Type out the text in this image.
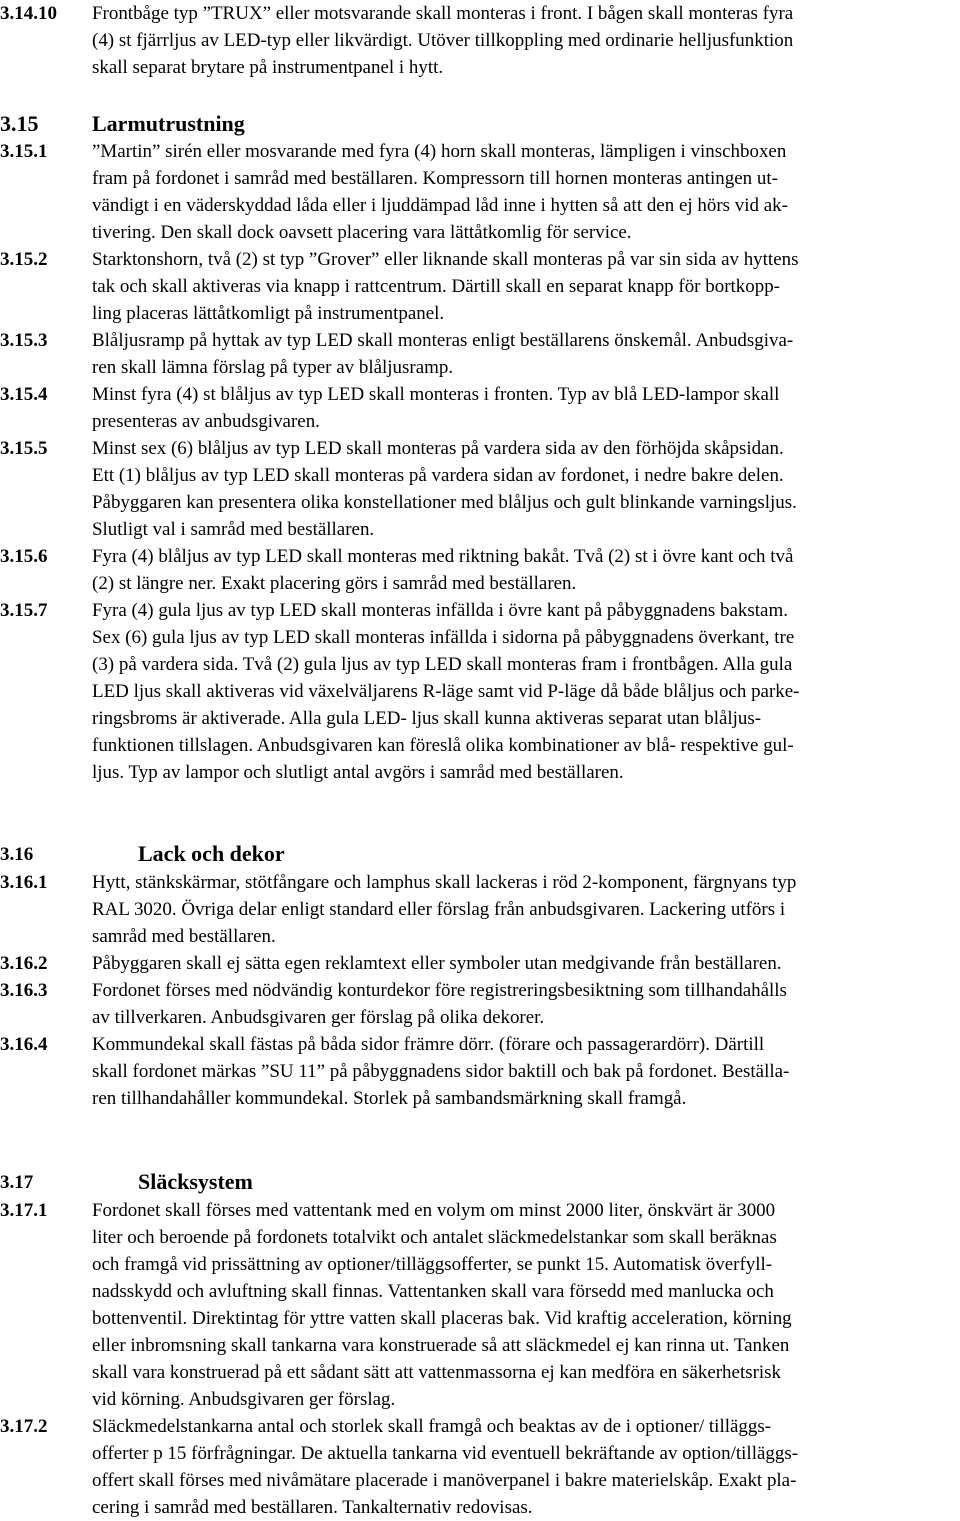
3.14.10	Frontbåge typ ”TRUX” eller motsvarande skall monteras i front. I bågen skall monteras fyra
(4) st fjärrljus av LED-typ eller likvärdigt. Utöver tillkoppling med ordinarie helljusfunktion
skall separat brytare på instrumentpanel i hytt.
3.15	Larmutrustning
3.15.1	”Martin” sirén eller mosvarande med fyra (4) horn skall monteras, lämpligen i vinschboxen
fram på fordonet i samråd med beställaren. Kompressorn till hornen monteras antingen ut-
vändigt i en väderskyddad låda eller i ljuddämpad låd inne i hytten så att den ej hörs vid ak-
tivering. Den skall dock oavsett placering vara lättåtkomlig för service.
3.15.2	Starktonshorn, två (2) st typ ”Grover” eller liknande skall monteras på var sin sida av hyttens
tak och skall aktiveras via knapp i rattcentrum. Därtill skall en separat knapp för bortkopp-
ling placeras lättåtkomligt på instrumentpanel.
3.15.3	Blåljusramp på hyttak av typ LED skall monteras enligt beställarens önskemål. Anbudsgiva-
ren skall lämna förslag på typer av blåljusramp.
3.15.4	Minst fyra (4) st blåljus av typ LED skall monteras i fronten. Typ av blå LED-lampor skall
presenteras av anbudsgivaren.
3.15.5	Minst sex (6) blåljus av typ LED skall monteras på vardera sida av den förhöjda skåpsidan.
Ett (1) blåljus av typ LED skall monteras på vardera sidan av fordonet, i nedre bakre delen.
Påbyggaren kan presentera olika konstellationer med blåljus och gult blinkande varningsljus.
Slutligt val i samråd med beställaren.
3.15.6	Fyra (4) blåljus av typ LED skall monteras med riktning bakåt. Två (2) st i övre kant och två
(2) st längre ner. Exakt placering görs i samråd med beställaren.
3.15.7	Fyra (4) gula ljus av typ LED skall monteras infällda i övre kant på påbyggnadens bakstam.
Sex (6) gula ljus av typ LED skall monteras infällda i sidorna på påbyggnadens överkant, tre
(3) på vardera sida. Två (2) gula ljus av typ LED skall monteras fram i frontbågen. Alla gula
LED ljus skall aktiveras vid växelväljarens R-läge samt vid P-läge då både blåljus och parke-
ringsbroms är aktiverade. Alla gula LED- ljus skall kunna aktiveras separat utan blåljus-
funktionen tillslagen. Anbudsgivaren kan föreslå olika kombinationer av blå- respektive gul-
ljus. Typ av lampor och slutligt antal avgörs i samråd med beställaren.
3.16	Lack och dekor
3.16.1	Hytt, stänkskärmar, stötfångare och lamphus skall lackeras i röd 2-komponent, färgnyans typ
RAL 3020. Övriga delar enligt standard eller förslag från anbudsgivaren. Lackering utförs i
samråd med beställaren.
3.16.2	Påbyggaren skall ej sätta egen reklamtext eller symboler utan medgivande från beställaren.
3.16.3	Fordonet förses med nödvändig konturdekor före registreringsbesiktning som tillhandahålls
av tillverkaren. Anbudsgivaren ger förslag på olika dekorer.
3.16.4	Kommundekal skall fästas på båda sidor främre dörr. (förare och passagerardörr). Därtill
skall fordonet märkas ”SU 11” på påbyggnadens sidor baktill och bak på fordonet. Beställa-
ren tillhandahåller kommundekal. Storlek på sambandsmärkning skall framgå.
3.17	Släcksystem
3.17.1	Fordonet skall förses med vattentank med en volym om minst 2000 liter, önskvärt är 3000
liter och beroende på fordonets totalvikt och antalet släckmedelstankar som skall beräknas
och framgå vid prissättning av optioner/tilläggsofferter, se punkt 15. Automatisk överfyll-
nadsskydd och avluftning skall finnas. Vattentanken skall vara försedd med manlucka och
bottenventil. Direktintag för yttre vatten skall placeras bak. Vid kraftig acceleration, körning
eller inbromsning skall tankarna vara konstruerade så att släckmedel ej kan rinna ut. Tanken
skall vara konstruerad på ett sådant sätt att vattenmassorna ej kan medföra en säkerhetsrisk
vid körning. Anbudsgivaren ger förslag.
3.17.2	Släckmedelstankarna antal och storlek skall framgå och beaktas av de i optioner/ tilläggs-
offerter p 15 förfrågningar. De aktuella tankarna vid eventuell bekräftande av option/tilläggs-
offert skall förses med nivåmätare placerade i manöverpanel i bakre materielskåp. Exakt pla-
cering i samråd med beställaren. Tankalternativ redovisas.
